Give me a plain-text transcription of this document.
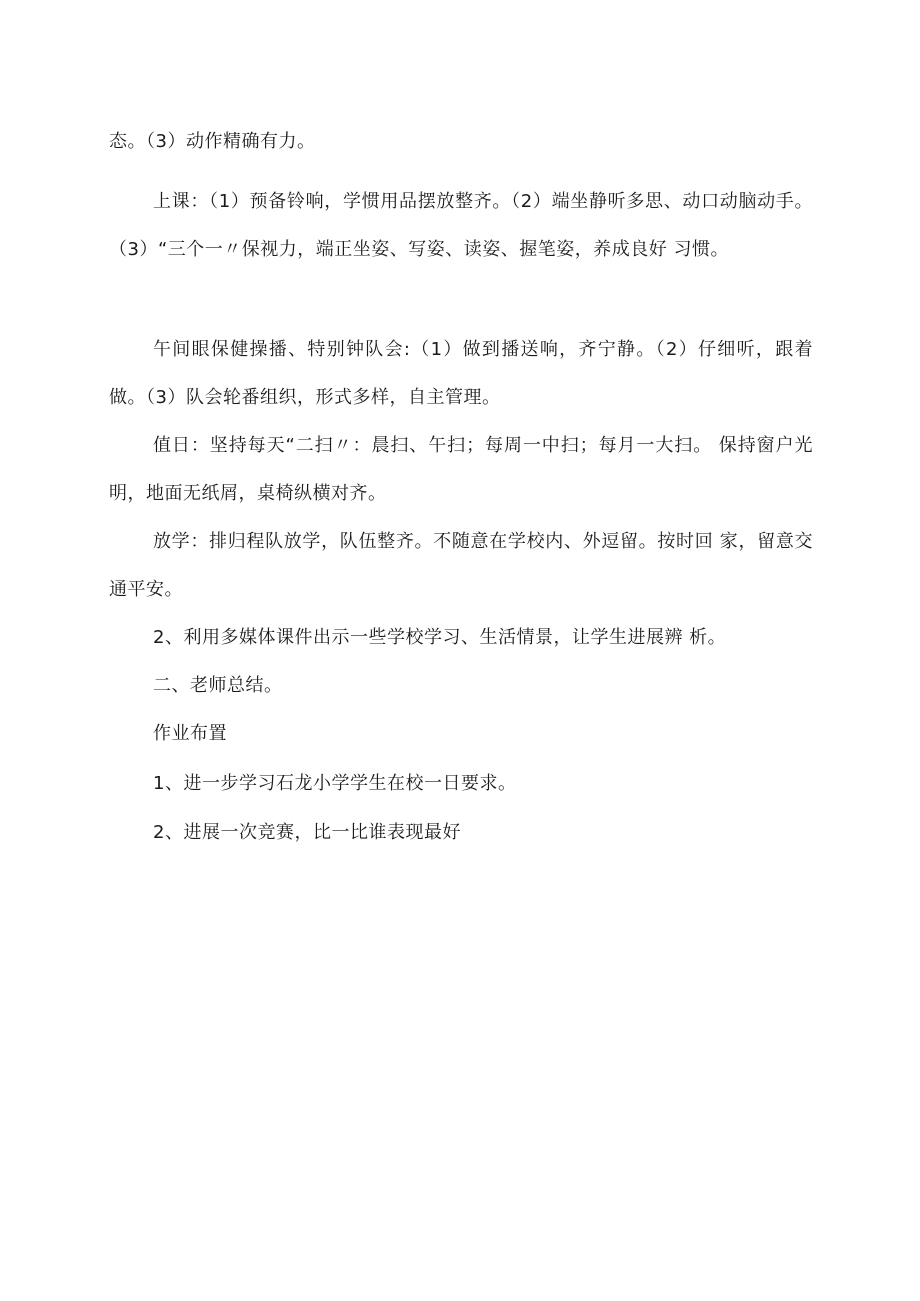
态。（3）动作精确有力。

上课：（1）预备铃响，学惯用品摆放整齐。（2）端坐静听多思、动口动脑动手。（3）“三个一〃保视力，端正坐姿、写姿、读姿、握笔姿，养成良好 习惯。

午间眼保健操播、特别钟队会:（1）做到播送响，齐宁静。（2）仔细听，跟着做。（3）队会轮番组织，形式多样，自主管理。

值日：坚持每天“二扫〃：晨扫、午扫；每周一中扫；每月一大扫。 保持窗户光明，地面无纸屑，桌椅纵横对齐。

放学：排归程队放学，队伍整齐。不随意在学校内、外逗留。按时回 家，留意交通平安。

2、利用多媒体课件出示一些学校学习、生活情景，让学生进展辨 析。

二、老师总结。

作业布置

1、进一步学习石龙小学学生在校一日要求。

2、进展一次竞赛，比一比谁表现最好
